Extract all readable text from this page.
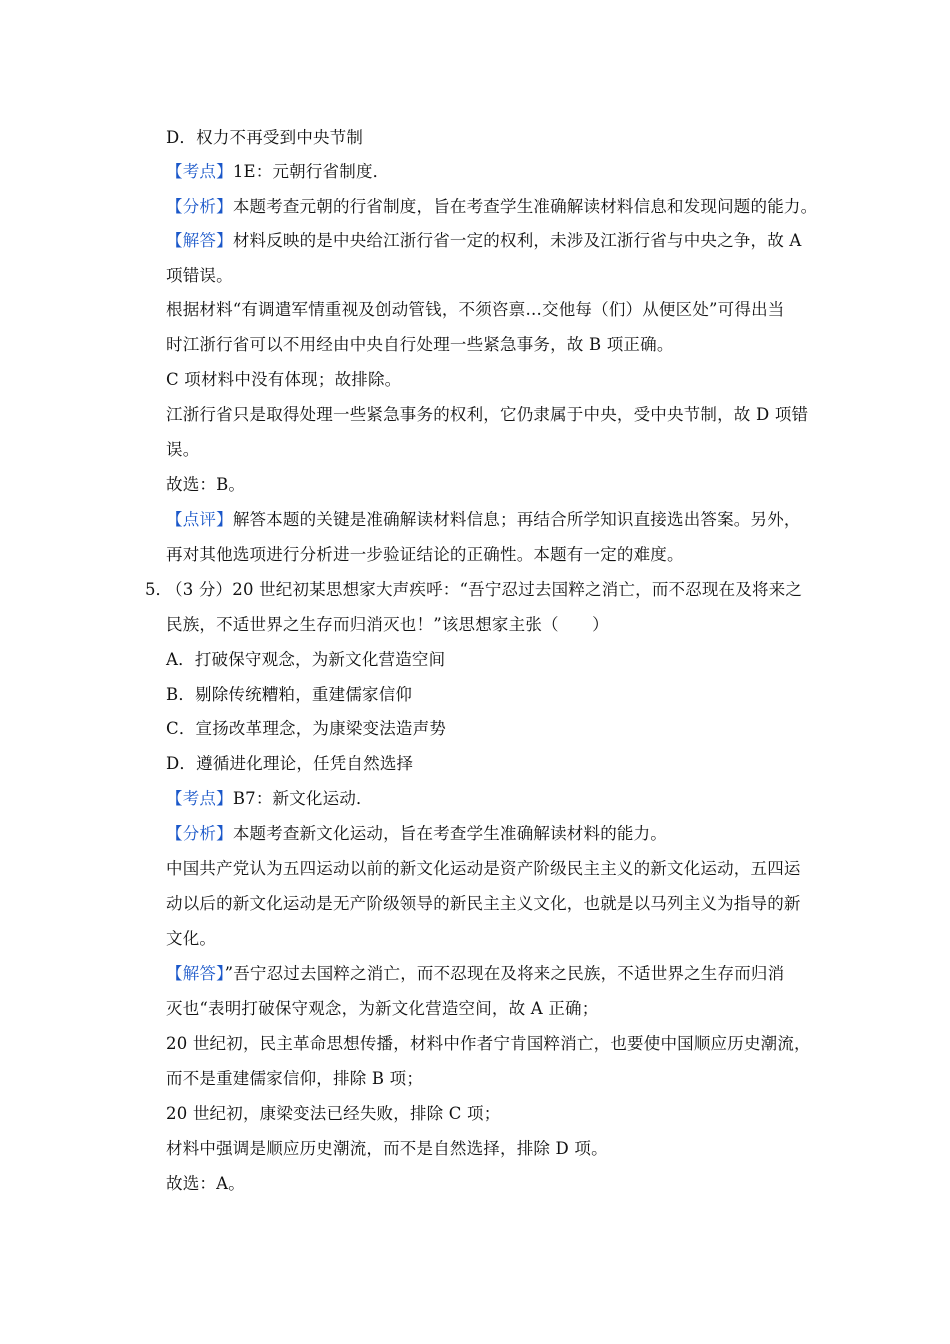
D．权力不再受到中央节制
【考点】1E：元朝行省制度．
【分析】本题考查元朝的行省制度，旨在考查学生准确解读材料信息和发现问题的能力。
【解答】材料反映的是中央给江浙行省一定的权利，未涉及江浙行省与中央之争，故 A
项错误。
根据材料“有调遣军情重视及创动管钱，不须咨禀…交他每（们）从便区处”可得出当
时江浙行省可以不用经由中央自行处理一些紧急事务，故 B 项正确。
C 项材料中没有体现；故排除。
江浙行省只是取得处理一些紧急事务的权利，它仍隶属于中央，受中央节制，故 D 项错
误。
故选：B。
【点评】解答本题的关键是准确解读材料信息；再结合所学知识直接选出答案。另外，
再对其他选项进行分析进一步验证结论的正确性。本题有一定的难度。
5．
（3 分）20 世纪初某思想家大声疾呼：“吾宁忍过去国粹之消亡，而不忍现在及将来之
民族，不适世界之生存而归消灭也！”该思想家主张（　　）
A．打破保守观念，为新文化营造空间
B．剔除传统糟粕，重建儒家信仰
C．宣扬改革理念，为康梁变法造声势
D．遵循进化理论，任凭自然选择
【考点】B7：新文化运动．
【分析】本题考查新文化运动，旨在考查学生准确解读材料的能力。
中国共产党认为五四运动以前的新文化运动是资产阶级民主主义的新文化运动，五四运
动以后的新文化运动是无产阶级领导的新民主主义文化，也就是以马列主义为指导的新
文化。
【解答】”吾宁忍过去国粹之消亡，而不忍现在及将来之民族，不适世界之生存而归消
灭也“表明打破保守观念，为新文化营造空间，故 A 正确；
20 世纪初，民主革命思想传播，材料中作者宁肯国粹消亡，也要使中国顺应历史潮流，
而不是重建儒家信仰，排除 B 项；
20 世纪初，康梁变法已经失败，排除 C 项；
材料中强调是顺应历史潮流，而不是自然选择，排除 D 项。
故选：A。
